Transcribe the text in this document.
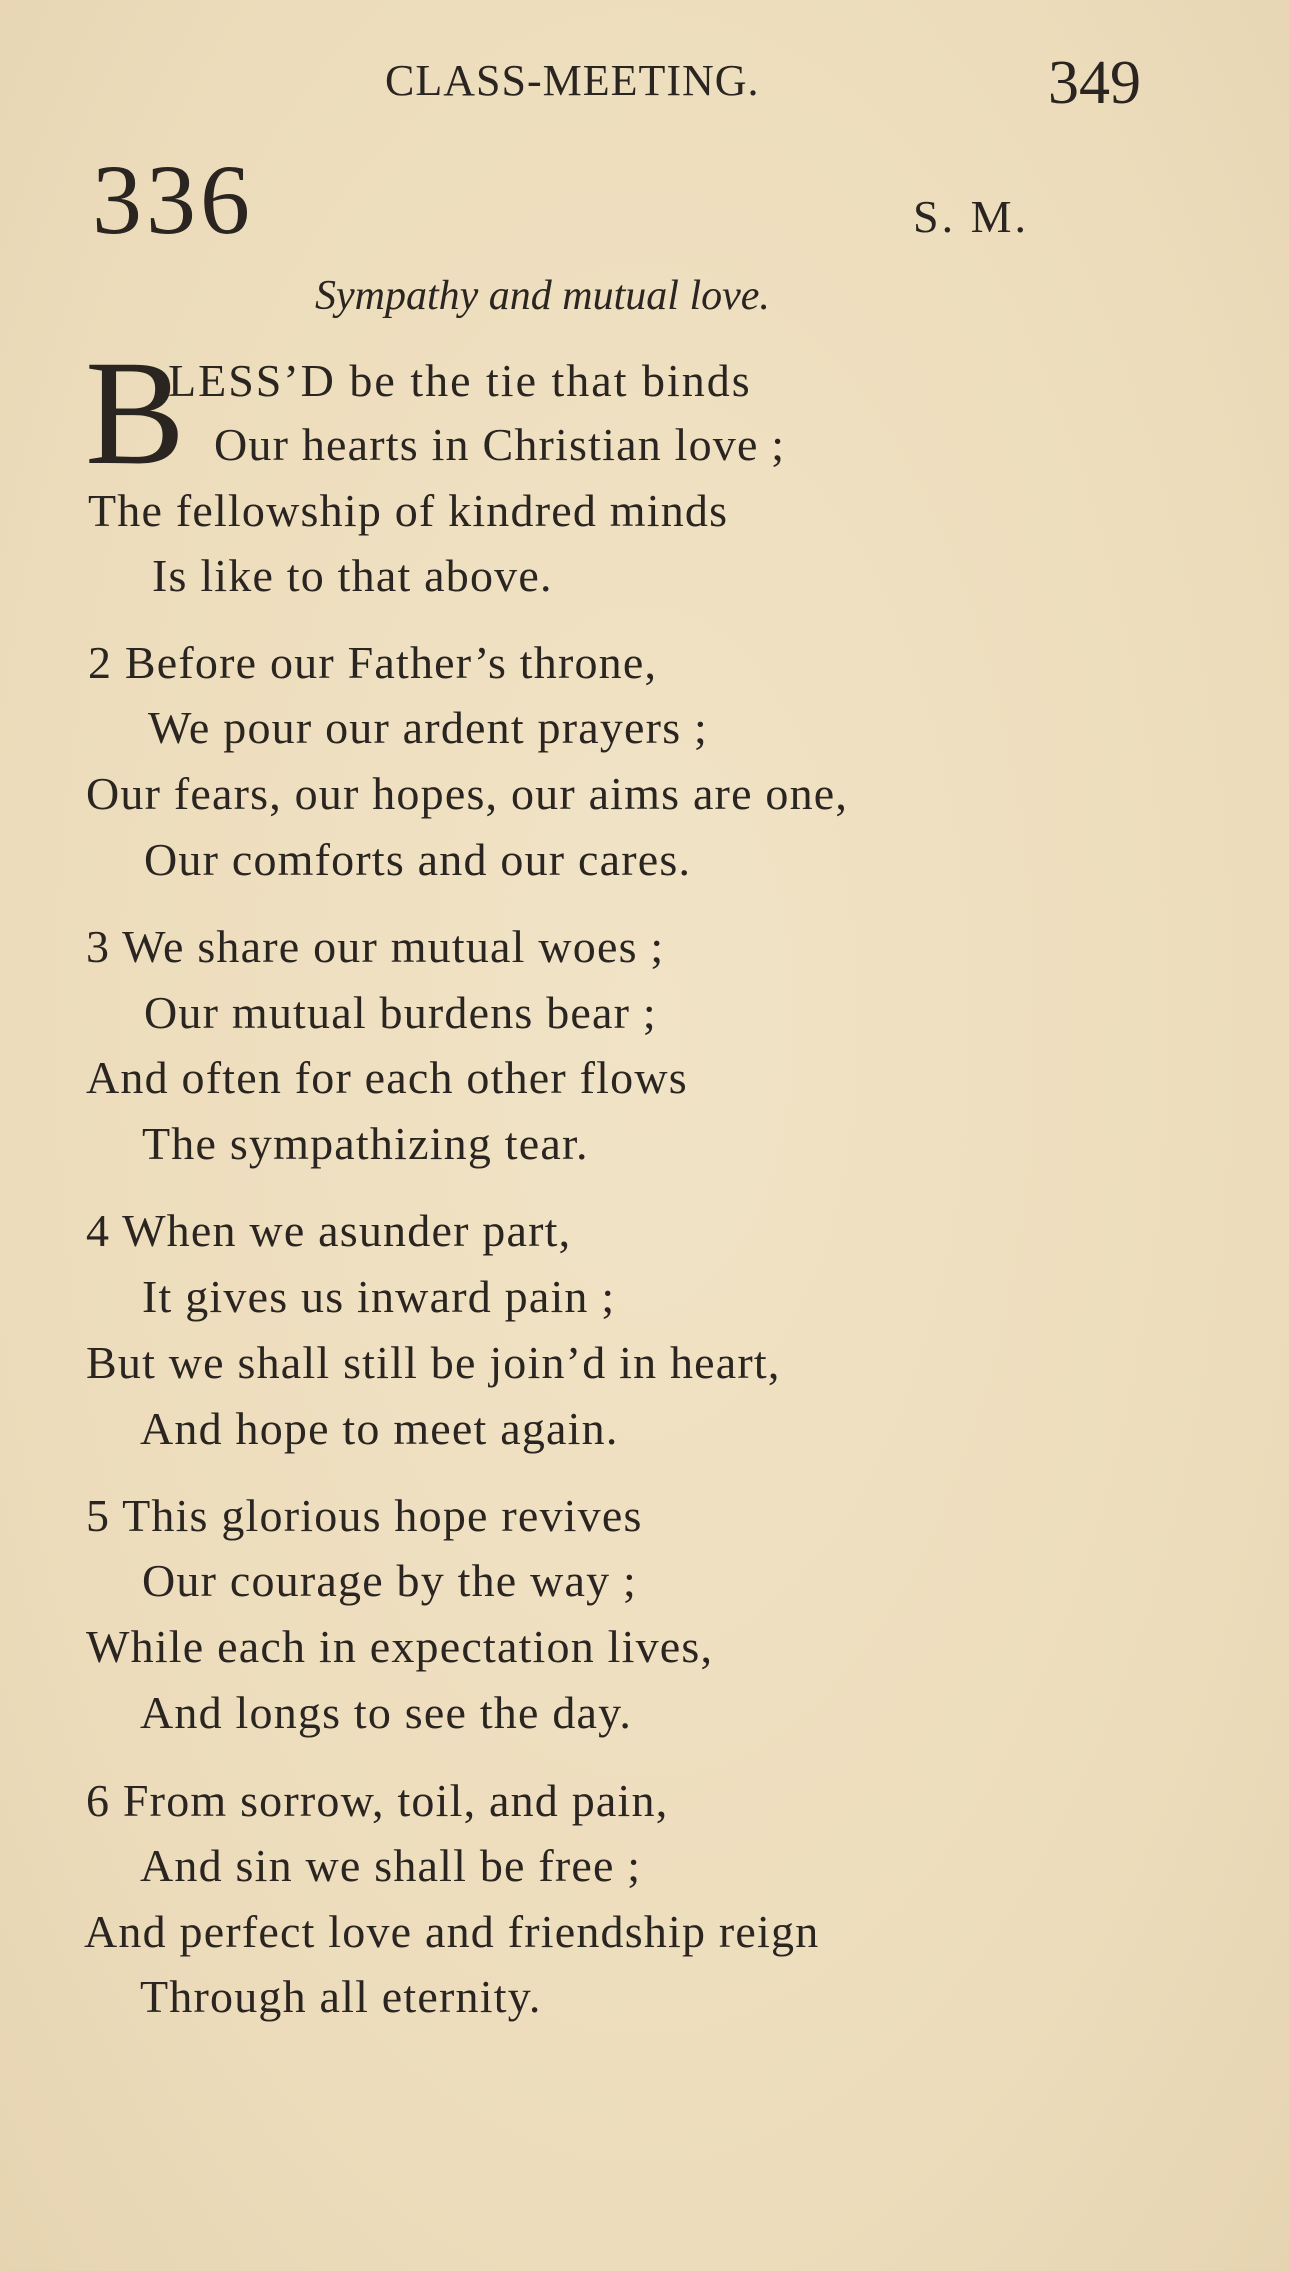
CLASS-MEETING.	349
336	S. M.
Sympathy and mutual love.
B
LESS’D be the tie that binds
Our hearts in Christian love ;
The fellowship of kindred minds
Is like to that above.
2 Before our Father’s throne,
We pour our ardent prayers ;
Our fears, our hopes, our aims are one,
Our comforts and our cares.
3 We share our mutual woes ;
Our mutual burdens bear ;
And often for each other flows
The sympathizing tear.
4 When we asunder part,
It gives us inward pain ;
But we shall still be join’d in heart,
And hope to meet again.
5 This glorious hope revives
Our courage by the way ;
While each in expectation lives,
And longs to see the day.
6 From sorrow, toil, and pain,
And sin we shall be free ;
And perfect love and friendship reign
Through all eternity.
